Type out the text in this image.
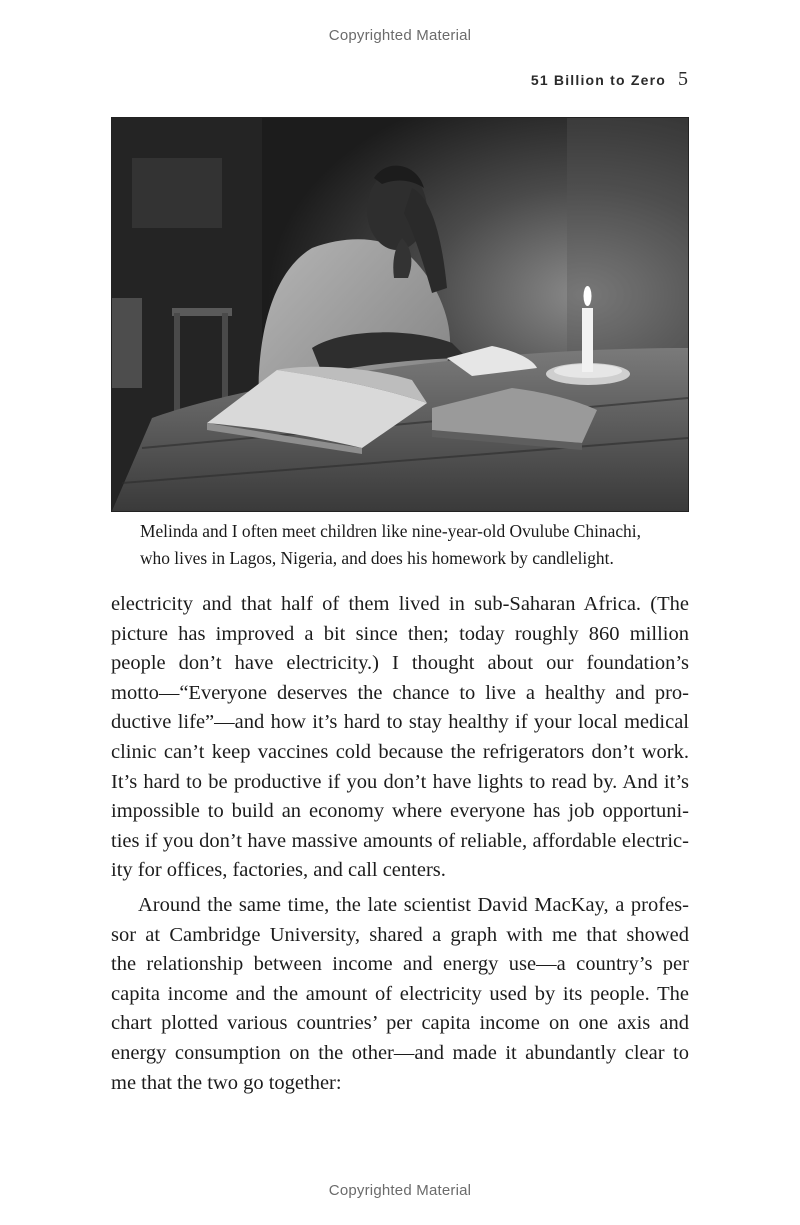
Copyrighted Material
51 Billion to Zero 5
Melinda and I often meet children like nine-year-old Ovulube Chinachi,
who lives in Lagos, Nigeria, and does his homework by candlelight.
electricity and that half of them lived in sub-Saharan Africa. (The
picture has improved a bit since then; today roughly 860 million
people don’t have electricity.) I thought about our foundation’s
motto—“Everyone deserves the chance to live a healthy and pro-
ductive life”—and how it’s hard to stay healthy if your local medical
clinic can’t keep vaccines cold because the refrigerators don’t work.
It’s hard to be productive if you don’t have lights to read by. And it’s
impossible to build an economy where everyone has job opportuni-
ties if you don’t have massive amounts of reliable, affordable electric-
ity for offices, factories, and call centers.
Around the same time, the late scientist David MacKay, a profes-
sor at Cambridge University, shared a graph with me that showed
the relationship between income and energy use—a country’s per
capita income and the amount of electricity used by its people. The
chart plotted various countries’ per capita income on one axis and
energy consumption on the other—and made it abundantly clear to
me that the two go together:
Copyrighted Material
